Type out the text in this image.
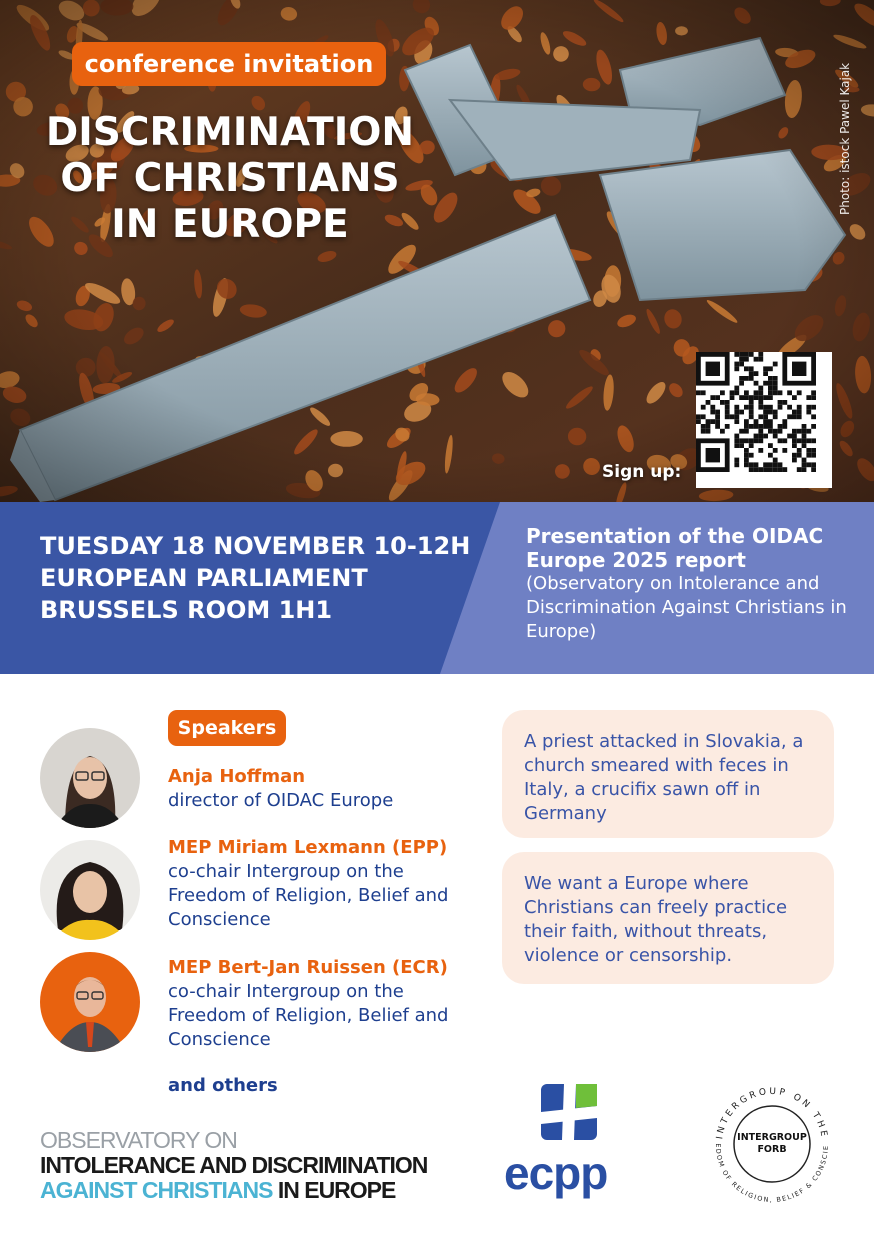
conference invitation
DISCRIMINATION
OF CHRISTIANS
IN EUROPE
Photo: istock Pawel Kajak
Sign up:
TUESDAY 18 NOVEMBER 10-12H
EUROPEAN PARLIAMENT
BRUSSELS ROOM 1H1
Presentation of the OIDAC Europe 2025 report
(Observatory on Intolerance and Discrimination Against Christians in Europe)
Speakers
Anja Hoffman
director of OIDAC Europe
MEP Miriam Lexmann (EPP)
co-chair Intergroup on the Freedom of Religion, Belief and Conscience
MEP Bert-Jan Ruissen (ECR)
co-chair Intergroup on the Freedom of Religion, Belief and Conscience
and others
A priest attacked in Slovakia, a church smeared with feces in Italy, a crucifix sawn off in Germany
We want a Europe where Christians can freely practice their faith, without threats, violence or censorship.
OBSERVATORY ON
INTOLERANCE AND DISCRIMINATION
AGAINST CHRISTIANS IN EUROPE	ecpp
INTERGROUP ON THE
EDOM OF RELIGION, BELIEF & CONSCIE
INTERGROUP
FORB
